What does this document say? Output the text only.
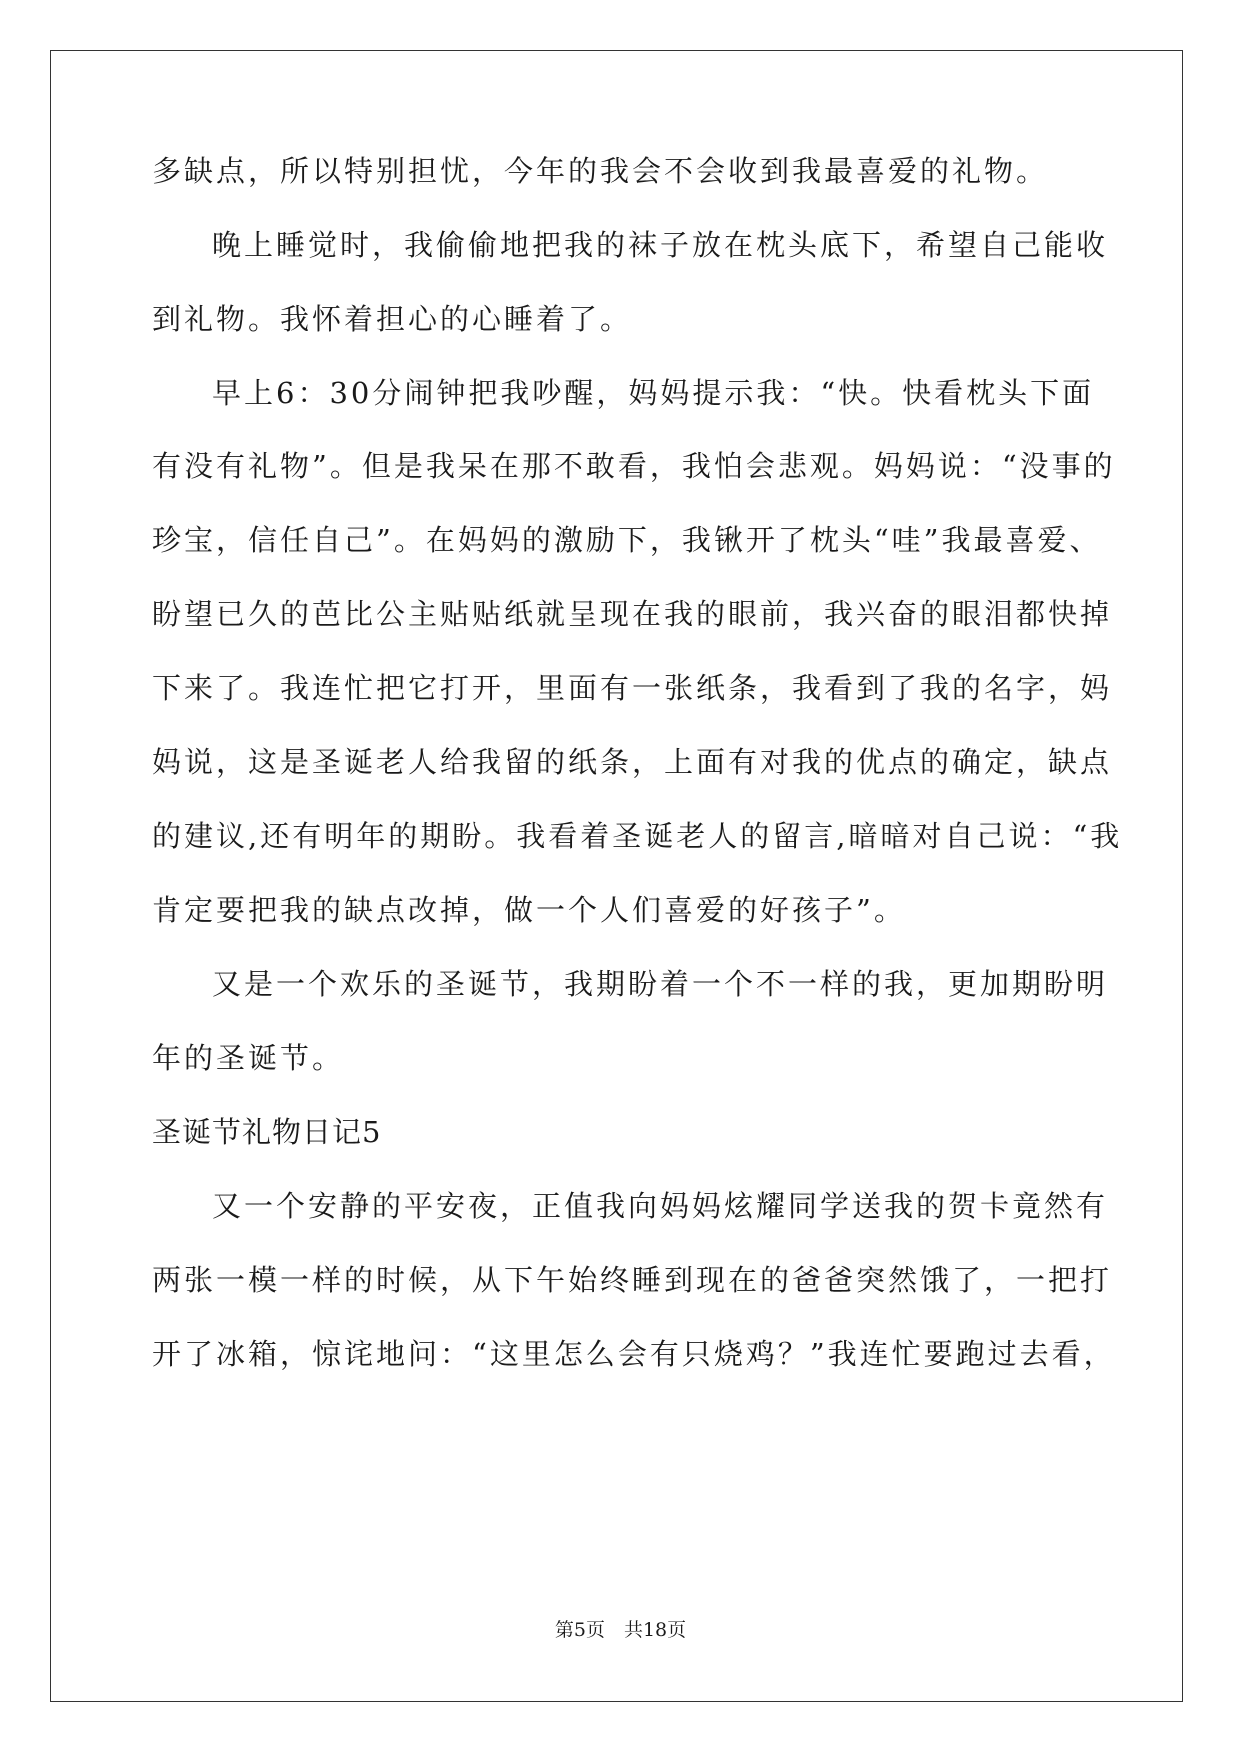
多缺点，所以特别担忧，今年的我会不会收到我最喜爱的礼物。
晚上睡觉时，我偷偷地把我的袜子放在枕头底下，希望自己能收
到礼物。我怀着担心的心睡着了。
早上6：30分闹钟把我吵醒，妈妈提示我：“快。快看枕头下面
有没有礼物”。但是我呆在那不敢看，我怕会悲观。妈妈说：“没事的
珍宝，信任自己”。在妈妈的激励下，我锹开了枕头“哇”我最喜爱、
盼望已久的芭比公主贴贴纸就呈现在我的眼前，我兴奋的眼泪都快掉
下来了。我连忙把它打开，里面有一张纸条，我看到了我的名字，妈
妈说，这是圣诞老人给我留的纸条，上面有对我的优点的确定，缺点
的建议,还有明年的期盼。我看着圣诞老人的留言,暗暗对自己说：“我
肯定要把我的缺点改掉，做一个人们喜爱的好孩子”。
又是一个欢乐的圣诞节，我期盼着一个不一样的我，更加期盼明
年的圣诞节。
圣诞节礼物日记5
又一个安静的平安夜，正值我向妈妈炫耀同学送我的贺卡竟然有
两张一模一样的时候，从下午始终睡到现在的爸爸突然饿了，一把打
开了冰箱，惊诧地问：“这里怎么会有只烧鸡？”我连忙要跑过去看，
第5页　共18页
